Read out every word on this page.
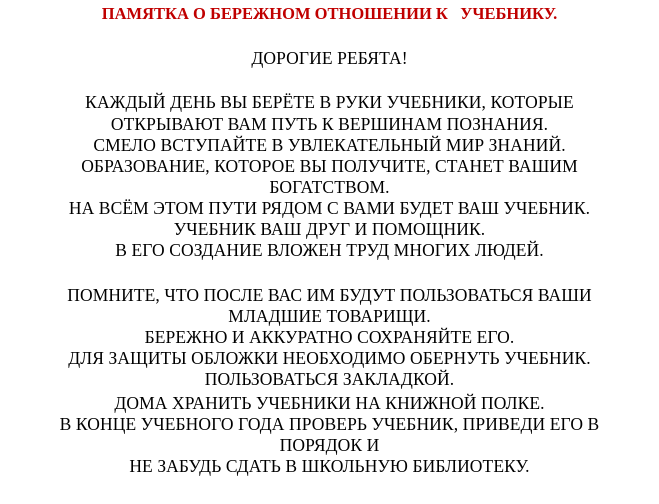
ПАМЯТКА О БЕРЕЖНОМ ОТНОШЕНИИ К   УЧЕБНИКУ.
ДОРОГИЕ РЕБЯТА!
КАЖДЫЙ ДЕНЬ ВЫ БЕРЁТЕ В РУКИ УЧЕБНИКИ, КОТОРЫЕ
ОТКРЫВАЮТ ВАМ ПУТЬ К ВЕРШИНАМ ПОЗНАНИЯ.
СМЕЛО ВСТУПАЙТЕ В УВЛЕКАТЕЛЬНЫЙ МИР ЗНАНИЙ.
ОБРАЗОВАНИЕ, КОТОРОЕ ВЫ ПОЛУЧИТЕ, СТАНЕТ ВАШИМ
БОГАТСТВОМ.
НА ВСЁМ ЭТОМ ПУТИ РЯДОМ С ВАМИ БУДЕТ ВАШ УЧЕБНИК.
УЧЕБНИК ВАШ ДРУГ И ПОМОЩНИК.
В ЕГО СОЗДАНИЕ ВЛОЖЕН ТРУД МНОГИХ ЛЮДЕЙ.
ПОМНИТЕ, ЧТО ПОСЛЕ ВАС ИМ БУДУТ ПОЛЬЗОВАТЬСЯ ВАШИ
МЛАДШИЕ ТОВАРИЩИ.
БЕРЕЖНО И АККУРАТНО СОХРАНЯЙТЕ ЕГО.
ДЛЯ ЗАЩИТЫ ОБЛОЖКИ НЕОБХОДИМО ОБЕРНУТЬ УЧЕБНИК.
ПОЛЬЗОВАТЬСЯ ЗАКЛАДКОЙ.
ДОМА ХРАНИТЬ УЧЕБНИКИ НА КНИЖНОЙ ПОЛКЕ.
В КОНЦЕ УЧЕБНОГО ГОДА ПРОВЕРЬ УЧЕБНИК, ПРИВЕДИ ЕГО В
ПОРЯДОК И
НЕ ЗАБУДЬ СДАТЬ В ШКОЛЬНУЮ БИБЛИОТЕКУ.
